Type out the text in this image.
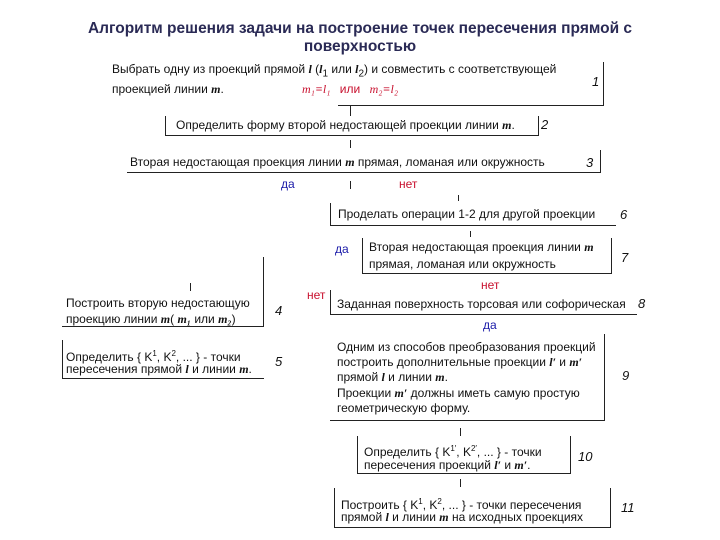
Алгоритм решения задачи на построение точек пересечения прямой с
поверхностью
Выбрать одну из проекций прямой l ($l_1$ или $l_2$) и совместить с соответствующей
проекцией линии m.	m₁≡l₁ или m₂≡l₂	1
Определить форму второй недостающей проекции линии m. 2
Вторая недостающая проекция линии m прямая, ломаная или окружность	3
да	нет
Проделать операции 1-2 для другой проекции 6
да Вторая недостающая проекция линии m
прямая, ломаная или окружность	7
Построить вторую недостающую
проекцию линии m( m₁ или m₂)
4
Определить { $K^1$, $K^2$, ... } - точки
пересечения прямой l и линии m. 5
нет
нет
Заданная поверхность торсовая или софорическая 8
да
Одним из способов преобразования проекций
построить дополнительные проекции l′ и m′
прямой l и линии m.
Проекции m′ должны иметь самую простую
геометрическую форму.
9
Определить { $K^{1'}$, $K^{2'}$, ... } - точки
пересечения проекций l′ и m′.
10
Построить { $K^1$, $K^2$, ... } - точки пересечения
прямой l и линии m на исходных проекциях
11
